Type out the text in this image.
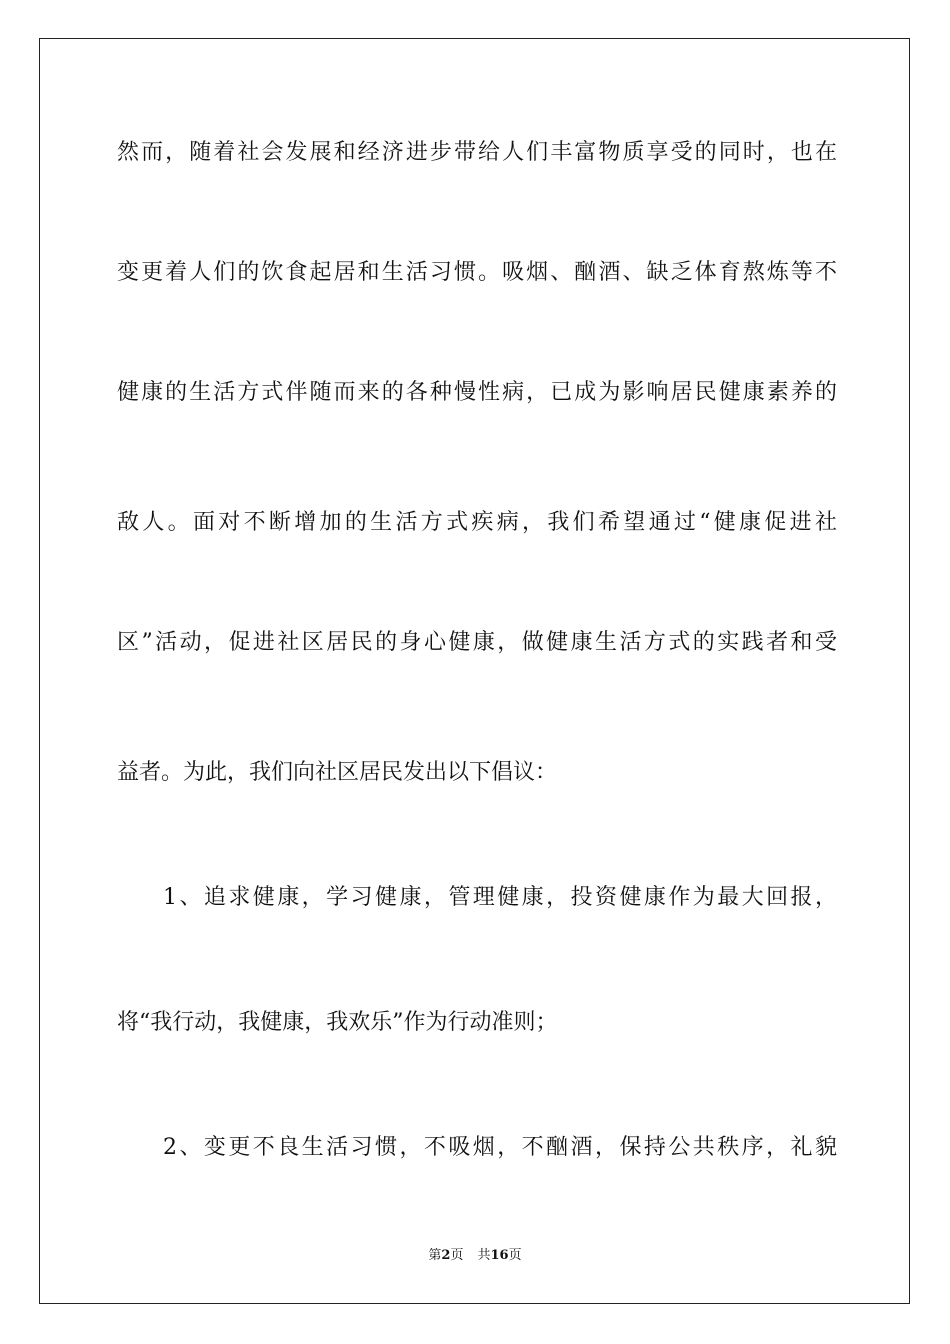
然而，随着社会发展和经济进步带给人们丰富物质享受的同时，也在
变更着人们的饮食起居和生活习惯。吸烟、酗酒、缺乏体育熬炼等不
健康的生活方式伴随而来的各种慢性病，已成为影响居民健康素养的
敌人。面对不断增加的生活方式疾病，我们希望通过“健康促进社
区”活动，促进社区居民的身心健康，做健康生活方式的实践者和受
益者。为此，我们向社区居民发出以下倡议：
1、追求健康，学习健康，管理健康，投资健康作为最大回报，
将“我行动，我健康，我欢乐”作为行动准则；
2、变更不良生活习惯，不吸烟，不酗酒，保持公共秩序，礼貌
第2页 共16页
